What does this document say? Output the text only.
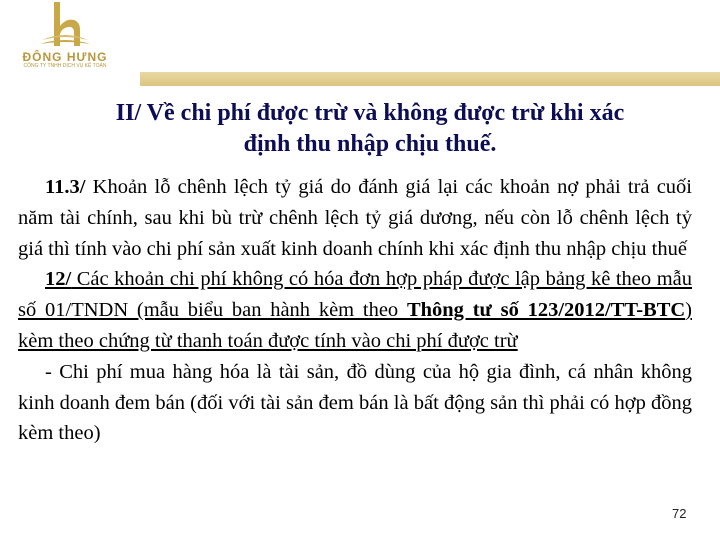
ĐÔNG HƯNG
CÔNG TY TNHH DỊCH VỤ KẾ TOÁN
II/ Về chi phí được trừ và không được trừ khi xác
định thu nhập chịu thuế.

11.3/ Khoản lỗ chênh lệch tỷ giá do đánh giá lại các khoản nợ phải trả cuối năm tài chính, sau khi bù trừ chênh lệch tỷ giá dương, nếu còn lỗ chênh lệch tỷ giá thì tính vào chi phí sản xuất kinh doanh chính khi xác định thu nhập chịu thuế

12/ Các khoản chi phí không có hóa đơn hợp pháp được lập bảng kê theo mẫu số 01/TNDN (mẫu biểu ban hành kèm theo Thông tư số 123/2012/TT-BTC) kèm theo chứng từ thanh toán được tính vào chi phí được trừ

- Chi phí mua hàng hóa là tài sản, đồ dùng của hộ gia đình, cá nhân không kinh doanh đem bán (đối với tài sản đem bán là bất động sản thì phải có hợp đồng kèm theo)

72
